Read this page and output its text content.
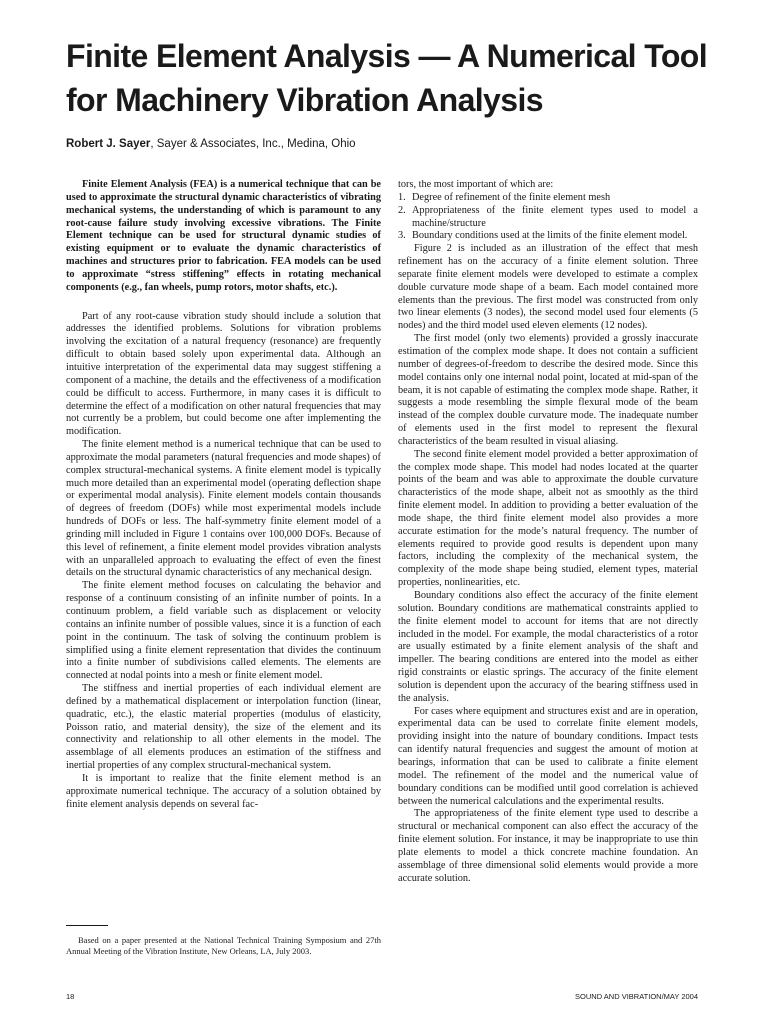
Finite Element Analysis — A Numerical Tool for Machinery Vibration Analysis
Robert J. Sayer, Sayer & Associates, Inc., Medina, Ohio

Finite Element Analysis (FEA) is a numerical technique that can be used to approximate the structural dynamic characteristics of vibrating mechanical systems, the understanding of which is paramount to any root-cause failure study involving excessive vibrations. The Finite Element technique can be used for structural dynamic studies of existing equipment or to evaluate the dynamic characteristics of machines and structures prior to fabrication. FEA models can be used to approximate “stress stiffening” effects in rotating mechanical components (e.g., fan wheels, pump rotors, motor shafts, etc.).

Part of any root-cause vibration study should include a solution that addresses the identified problems. Solutions for vibration problems involving the excitation of a natural frequency (resonance) are frequently difficult to obtain based solely upon experimental data. Although an intuitive interpretation of the experimental data may suggest stiffening a component of a machine, the details and the effectiveness of a modification could be difficult to access. Furthermore, in many cases it is difficult to determine the effect of a modification on other natural frequencies that may not currently be a problem, but could become one after implementing the modification.

The finite element method is a numerical technique that can be used to approximate the modal parameters (natural frequencies and mode shapes) of complex structural-mechanical systems. A finite element model is typically much more detailed than an experimental model (operating deflection shape or experimental modal analysis). Finite element models contain thousands of degrees of freedom (DOFs) while most experimental models include hundreds of DOFs or less. The half-symmetry finite element model of a grinding mill included in Figure 1 contains over 100,000 DOFs. Because of this level of refinement, a finite element model provides vibration analysts with an unparalleled approach to evaluating the effect of even the finest details on the structural dynamic characteristics of any mechanical design.

The finite element method focuses on calculating the behavior and response of a continuum consisting of an infinite number of points. In a continuum problem, a field variable such as displacement or velocity contains an infinite number of possible values, since it is a function of each point in the continuum. The task of solving the continuum problem is simplified using a finite element representation that divides the continuum into a finite number of subdivisions called elements. The elements are connected at nodal points into a mesh or finite element model.

The stiffness and inertial properties of each individual element are defined by a mathematical displacement or interpolation function (linear, quadratic, etc.), the elastic material properties (modulus of elasticity, Poisson ratio, and material density), the size of the element and its connectivity and relationship to all other elements in the model. The assemblage of all elements produces an estimation of the stiffness and inertial properties of any complex structural-mechanical system.

It is important to realize that the finite element method is an approximate numerical technique. The accuracy of a solution obtained by finite element analysis depends on several fac-

Based on a paper presented at the National Technical Training Symposium and 27th Annual Meeting of the Vibration Institute, New Orleans, LA, July 2003.

tors, the most important of which are:

1. Degree of refinement of the finite element mesh
2. Appropriateness of the finite element types used to model a machine/structure
3. Boundary conditions used at the limits of the finite element model.

Figure 2 is included as an illustration of the effect that mesh refinement has on the accuracy of a finite element solution. Three separate finite element models were developed to estimate a complex double curvature mode shape of a beam. Each model contained more elements than the previous. The first model was constructed from only two linear elements (3 nodes), the second model used four elements (5 nodes) and the third model used eleven elements (12 nodes).

The first model (only two elements) provided a grossly inaccurate estimation of the complex mode shape. It does not contain a sufficient number of degrees-of-freedom to describe the desired mode. Since this model contains only one internal nodal point, located at mid-span of the beam, it is not capable of estimating the complex mode shape. Rather, it suggests a mode resembling the simple flexural mode of the beam instead of the complex double curvature mode. The inadequate number of elements used in the first model to represent the flexural characteristics of the beam resulted in visual aliasing.

The second finite element model provided a better approximation of the complex mode shape. This model had nodes located at the quarter points of the beam and was able to approximate the double curvature characteristics of the mode shape, albeit not as smoothly as the third finite element model. In addition to providing a better evaluation of the mode shape, the third finite element model also provides a more accurate estimation for the mode’s natural frequency. The number of elements required to provide good results is dependent upon many factors, including the complexity of the mechanical system, the complexity of the mode shape being studied, element types, material properties, nonlinearities, etc.

Boundary conditions also effect the accuracy of the finite element solution. Boundary conditions are mathematical constraints applied to the finite element model to account for items that are not directly included in the model. For example, the modal characteristics of a rotor are usually estimated by a finite element analysis of the shaft and impeller. The bearing conditions are entered into the model as either rigid constraints or elastic springs. The accuracy of the finite element solution is dependent upon the accuracy of the bearing stiffness used in the analysis.

For cases where equipment and structures exist and are in operation, experimental data can be used to correlate finite element models, providing insight into the nature of boundary conditions. Impact tests can identify natural frequencies and suggest the amount of motion at bearings, information that can be used to calibrate a finite element model. The refinement of the model and the numerical value of boundary conditions can be modified until good correlation is achieved between the numerical calculations and the experimental results.

The appropriateness of the finite element type used to describe a structural or mechanical component can also effect the accuracy of the finite element solution. For instance, it may be inappropriate to use thin plate elements to model a thick concrete machine foundation. An assemblage of three dimensional solid elements would provide a more accurate solution.

18	SOUND AND VIBRATION/MAY 2004
